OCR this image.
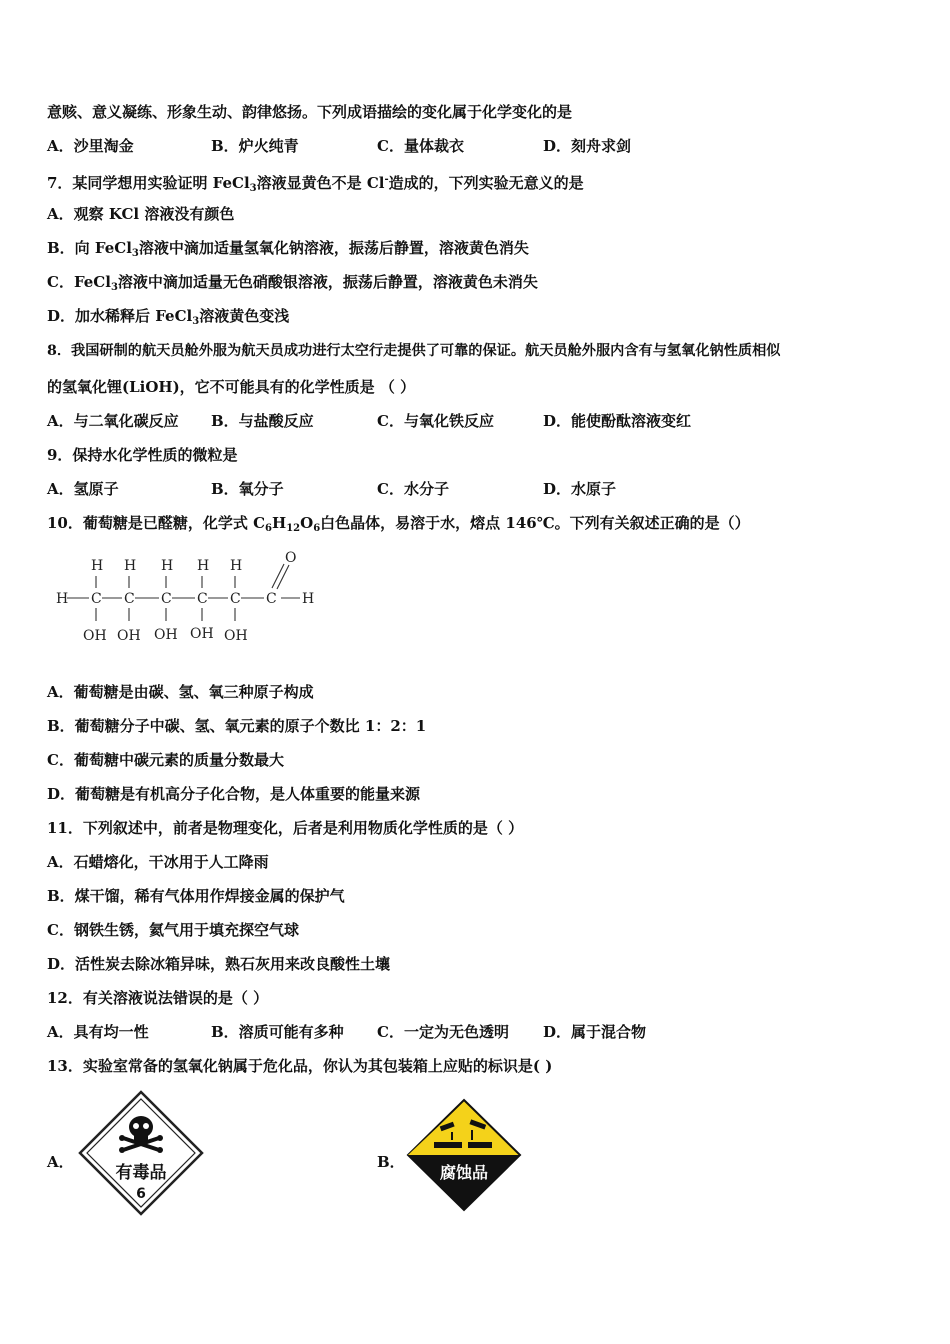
意赅、意义凝练、形象生动、韵律悠扬。下列成语描绘的变化属于化学变化的是
A．沙里淘金	B．炉火纯青	C．量体裁衣	D．刻舟求剑
7．某同学想用实验证明 FeCl$_3$溶液显黄色不是 Cl-造成的，下列实验无意义的是
A．观察 KCl 溶液没有颜色
B．向 FeCl$_3$溶液中滴加适量氢氧化钠溶液，振荡后静置，溶液黄色消失
C．FeCl$_3$溶液中滴加适量无色硝酸银溶液，振荡后静置，溶液黄色未消失
D．加水稀释后 FeCl$_3$溶液黄色变浅
8．我国研制的航天员舱外服为航天员成功进行太空行走提供了可靠的保证。航天员舱外服内含有与氢氧化钠性质相似
的氢氧化锂(LiOH)，它不可能具有的化学性质是 （ ）
A．与二氧化碳反应 B．与盐酸反应	C．与氧化铁反应	D．能使酚酞溶液变红
9．保持水化学性质的微粒是
A．氢原子	B．氧分子	C．水分子	D．水原子
10．葡萄糖是已醛糖，化学式 $C_6H_{12}O_6$白色晶体，易溶于水，熔点 146℃。下列有关叙述正确的是（）
H H H H H
H C C C C C C H
O
OH OH OH OH OH
A．葡萄糖是由碳、氢、氧三种原子构成
B．葡萄糖分子中碳、氢、氧元素的原子个数比 1：2：1
C．葡萄糖中碳元素的质量分数最大
D．葡萄糖是有机高分子化合物，是人体重要的能量来源
11．下列叙述中，前者是物理变化，后者是利用物质化学性质的是（ ）
A．石蜡熔化，干冰用于人工降雨
B．煤干馏，稀有气体用作焊接金属的保护气
C．钢铁生锈，氦气用于填充探空气球
D．活性炭去除冰箱异味，熟石灰用来改良酸性土壤
12．有关溶液说法错误的是（ ）
A．具有均一性	B．溶质可能有多种 C．一定为无色透明 D．属于混合物
13．实验室常备的氢氧化钠属于危化品，你认为其包装箱上应贴的标识是( )
A．	B．
有毒品
6
腐蚀品
